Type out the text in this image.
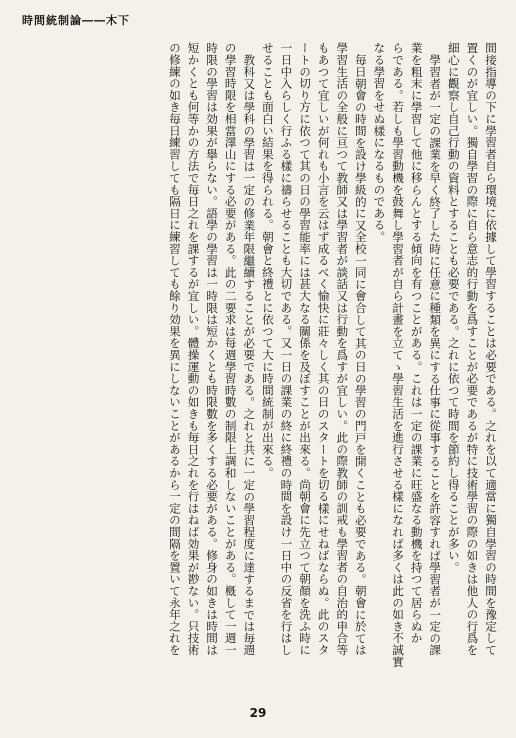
時間統制論――木下
間接指導の下に學習者自ら環境に依據して學習することは必要である。之れを以て適當に獨自學習の時間を豫定して
置くのが宜しい。獨自學習の際に自ら意志的行動を爲すことが必要であるが特に技術學習の際の如きは他人の行爲を
細心に觀察し自己行動の資料とすることも必要である。之れに依つて時間を節約し得ることが多い。
學習者が一定の課業を早く終了した時に任意に種類を異にする仕事に從事することを許容すれば學習者が一定の課
業を粗末に學習して他に移らんとする傾向を有つことがある。これは一定の課業に旺盛なる動機を持つて居らぬか
らである。若しも學習動機を鼓舞し學習者が自ら計畫を立てゝ學習生活を進行させる樣になれば多くは此の如き不誠實
なる學習をせぬ樣になるものである。
毎日朝會の時間を設け學級的に又全校一同に會合して其の日の學習の門戸を開くことも必要である。朝會に於ては
學習生活の全般に亘つて教師又は學習者が談話又は行動を爲すが宜しい。此の際教師の訓戒も學習者の自治的申合等
もあつて宜しいが何れも小言を云はず成るべく愉快に莊々しく其の日のスタートを切る樣にせねばならぬ。此のスタ
ートの切り方に依つて其の日の學習能率には甚大なる關係を及ぼすことが出來る。尚朝會に先立つて朝顏を洗ふ時に
一日中入らしく行ふる樣に禱らせることも大切である。又一日の課業の終に終禮の時間を設け一日中の反省を行はし
せることも面白い結果を得られる。朝會と終禮とに依つて大に時間統制が出來る。
教科又は學科の學習は一定の修業年限繼續することが必要である。之れと共に一定の學習程度に達するまでは毎週
の學習時限を相當澤山にする必要がある。此の二要求は每週學習時數の制限上調和しないことがある。槪して一週一
時限の學習は効果が擧らない。語學の學習は一時限は短かくとも時限數を多くする必要がある。修身の如きは時間は
短かくとも何等かの方法で毎日之れを課するが宜しい。體操運動の如きも毎日之れを行はねば効果が尠ない。只技術
の修練の如き毎日練習しても隔日に練習しても餘り効果を異にしないことがあるから一定の間隔を置いて永年之れを
29
